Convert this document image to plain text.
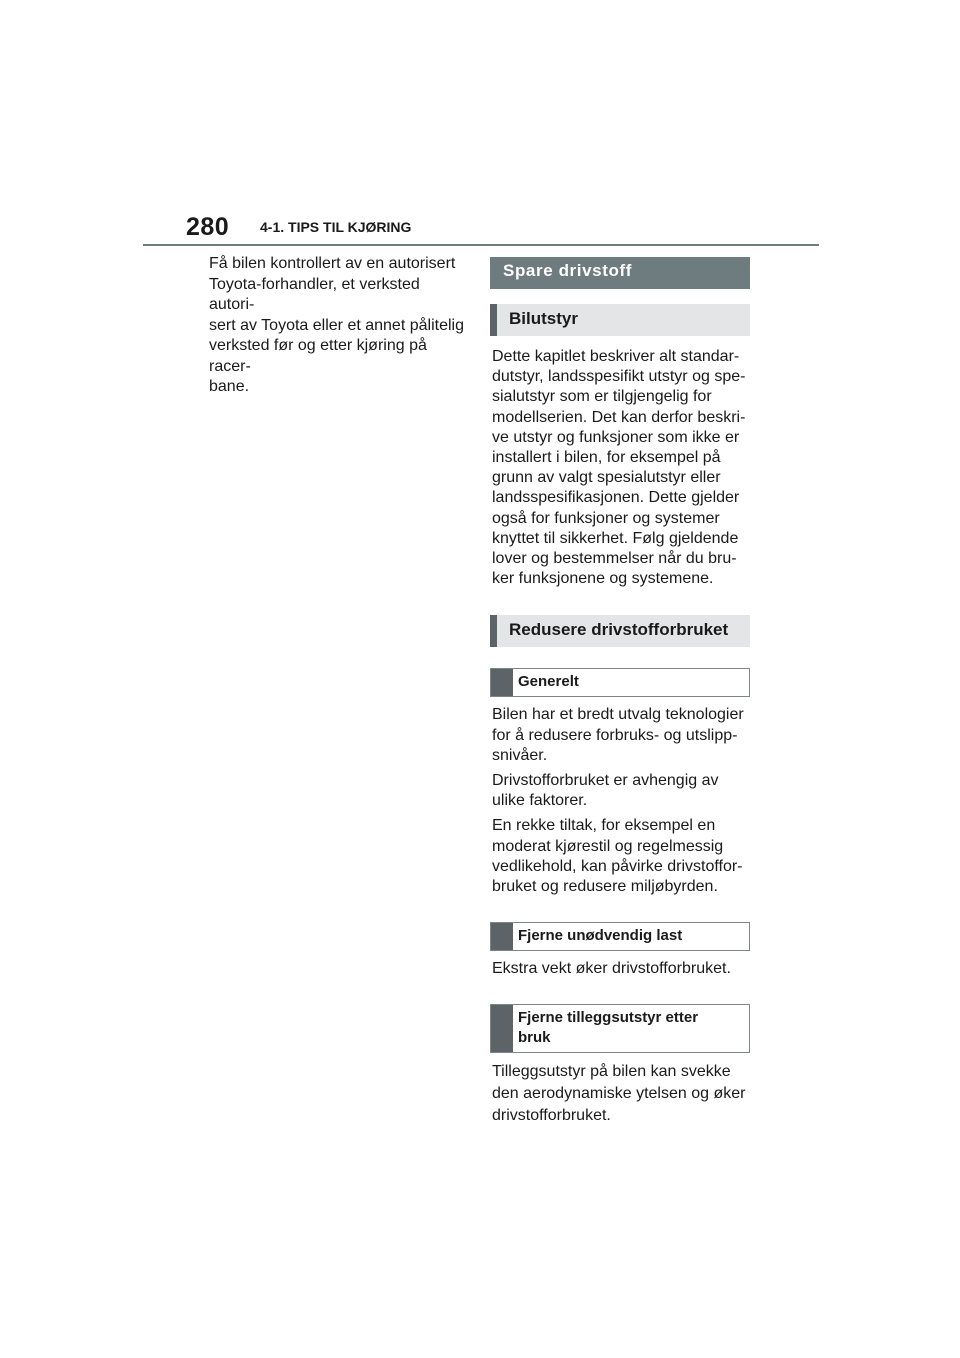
280 4-1. TIPS TIL KJØRING

Få bilen kontrollert av en autorisert
Toyota-forhandler, et verksted autori-
sert av Toyota eller et annet pålitelig
verksted før og etter kjøring på racer-
bane.

Spare drivstoff
Bilutstyr

Dette kapitlet beskriver alt standar-
dutstyr, landsspesifikt utstyr og spe-
sialutstyr som er tilgjengelig for
modellserien. Det kan derfor beskri-
ve utstyr og funksjoner som ikke er
installert i bilen, for eksempel på
grunn av valgt spesialutstyr eller
landsspesifikasjonen. Dette gjelder
også for funksjoner og systemer
knyttet til sikkerhet. Følg gjeldende
lover og bestemmelser når du bru-
ker funksjonene og systemene.

Redusere drivstofforbruket
Generelt

Bilen har et bredt utvalg teknologier
for å redusere forbruks- og utslipp-
snivåer.

Drivstofforbruket er avhengig av
ulike faktorer.

En rekke tiltak, for eksempel en
moderat kjørestil og regelmessig
vedlikehold, kan påvirke drivstoffor-
bruket og redusere miljøbyrden.

Fjerne unødvendig last

Ekstra vekt øker drivstofforbruket.

Fjerne tilleggsutstyr etter
bruk

Tilleggsutstyr på bilen kan svekke
den aerodynamiske ytelsen og øker
drivstofforbruket.
